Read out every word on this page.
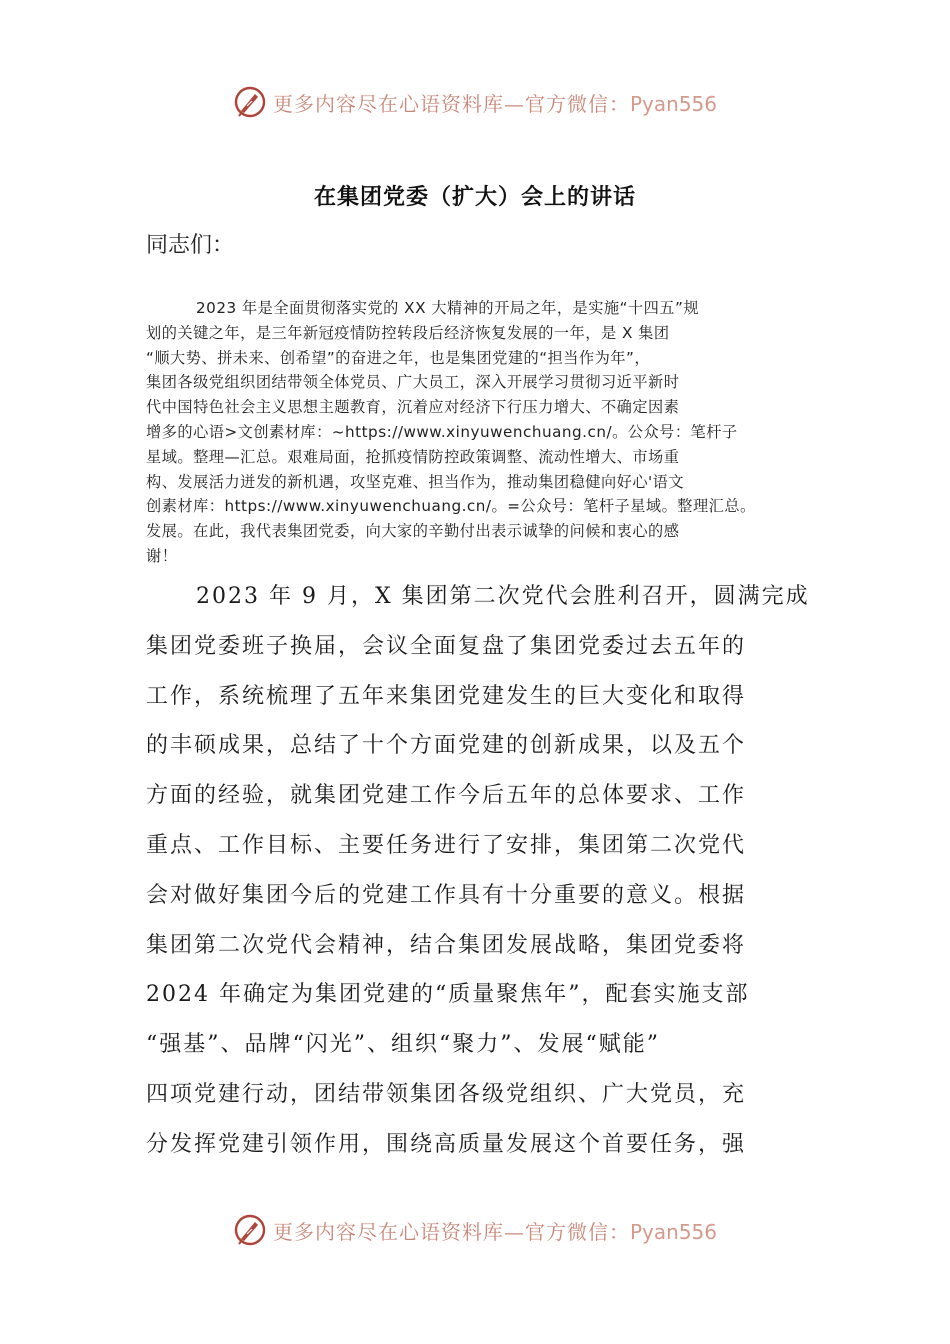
更多内容尽在心语资料库—官方微信：Pyan556
在集团党委（扩大）会上的讲话
同志们：
2023 年是全面贯彻落实党的 XX 大精神的开局之年，是实施“十四五”规
划的关键之年，是三年新冠疫情防控转段后经济恢复发展的一年，是 X 集团
“顺大势、拼未来、创希望”的奋进之年，也是集团党建的“担当作为年”，
集团各级党组织团结带领全体党员、广大员工，深入开展学习贯彻习近平新时
代中国特色社会主义思想主题教育，沉着应对经济下行压力增大、不确定因素
增多的心语>文创素材库：~https://www.xinyuwenchuang.cn/。公众号：笔杆子
星域。整理—汇总。艰难局面，抢抓疫情防控政策调整、流动性增大、市场重
构、发展活力迸发的新机遇，攻坚克难、担当作为，推动集团稳健向好心'语文
创素材库：https://www.xinyuwenchuang.cn/。=公众号：笔杆子星域。整理汇总。
发展。在此，我代表集团党委，向大家的辛勤付出表示诚挚的问候和衷心的感
谢！
2023 年 9 月，X 集团第二次党代会胜利召开，圆满完成
集团党委班子换届，会议全面复盘了集团党委过去五年的
工作，系统梳理了五年来集团党建发生的巨大变化和取得
的丰硕成果，总结了十个方面党建的创新成果，以及五个
方面的经验，就集团党建工作今后五年的总体要求、工作
重点、工作目标、主要任务进行了安排，集团第二次党代
会对做好集团今后的党建工作具有十分重要的意义。根据
集团第二次党代会精神，结合集团发展战略，集团党委将
2024 年确定为集团党建的“质量聚焦年”，配套实施支部
“强基”、品牌“闪光”、组织“聚力”、发展“赋能”
四项党建行动，团结带领集团各级党组织、广大党员，充
分发挥党建引领作用，围绕高质量发展这个首要任务，强
更多内容尽在心语资料库—官方微信：Pyan556
